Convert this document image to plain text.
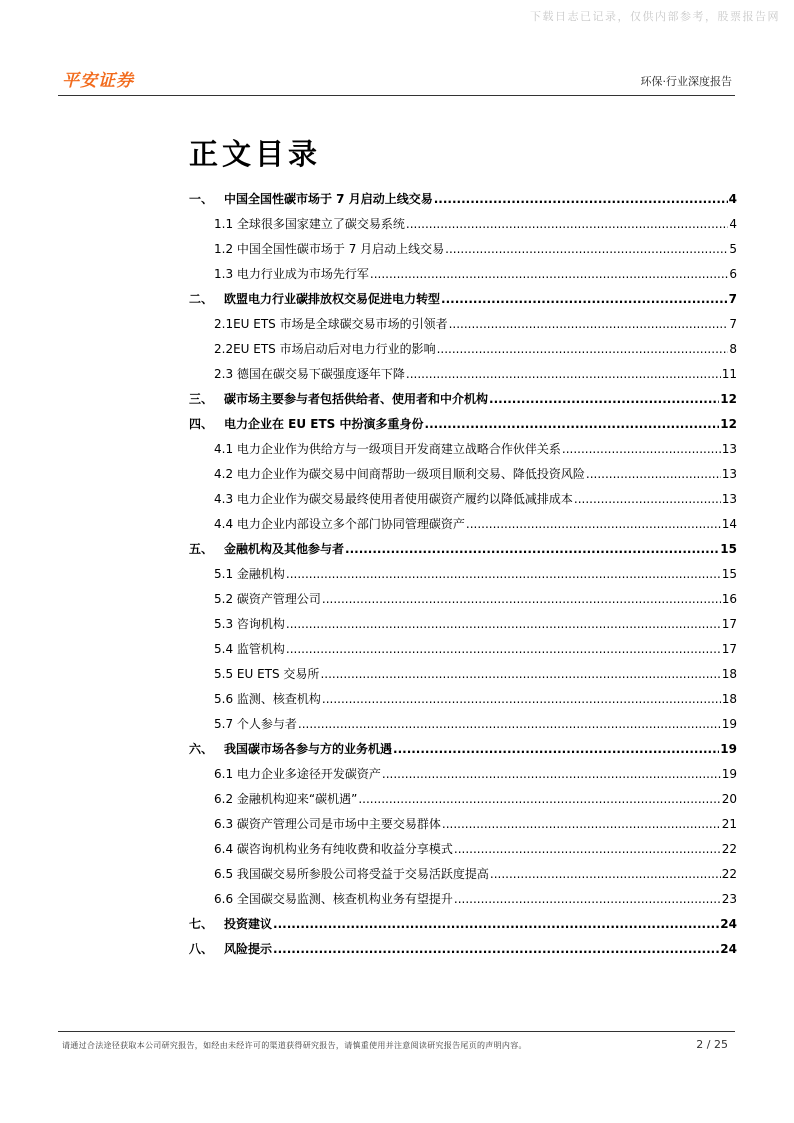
下载日志已记录，仅供内部参考，股票报告网
平安证券	环保·行业深度报告
正文目录
一、 中国全国性碳市场于 7 月启动上线交易 .....	4
1.1 全球很多国家建立了碳交易系统 .....	4
1.2 中国全国性碳市场于 7 月启动上线交易 .....	5
1.3 电力行业成为市场先行军 .....	6
二、 欧盟电力行业碳排放权交易促进电力转型 .....	7
2.1EU ETS 市场是全球碳交易市场的引领者 .....	7
2.2EU ETS 市场启动后对电力行业的影响 .....	8
2.3 德国在碳交易下碳强度逐年下降 .....	11
三、 碳市场主要参与者包括供给者、使用者和中介机构 .....	12
四、 电力企业在 EU ETS 中扮演多重身份 .....	12
4.1 电力企业作为供给方与一级项目开发商建立战略合作伙伴关系 .....	13
4.2 电力企业作为碳交易中间商帮助一级项目顺利交易、降低投资风险 .....	13
4.3 电力企业作为碳交易最终使用者使用碳资产履约以降低减排成本 .....	13
4.4 电力企业内部设立多个部门协同管理碳资产 .....	14
五、 金融机构及其他参与者 .....	15
5.1 金融机构 .....	15
5.2 碳资产管理公司 .....	16
5.3 咨询机构 .....	17
5.4 监管机构 .....	17
5.5 EU ETS 交易所 .....	18
5.6 监测、核查机构 .....	18
5.7 个人参与者 .....	19
六、 我国碳市场各参与方的业务机遇 .....	19
6.1 电力企业多途径开发碳资产 .....	19
6.2 金融机构迎来“碳机遇” .....	20
6.3 碳资产管理公司是市场中主要交易群体 .....	21
6.4 碳咨询机构业务有纯收费和收益分享模式 .....	22
6.5 我国碳交易所参股公司将受益于交易活跃度提高 .....	22
6.6 全国碳交易监测、核查机构业务有望提升 .....	23
七、 投资建议 .....	24
八、 风险提示 .....	24
请通过合法途径获取本公司研究报告，如经由未经许可的渠道获得研究报告，请慎重使用并注意阅读研究报告尾页的声明内容。	2 / 25
